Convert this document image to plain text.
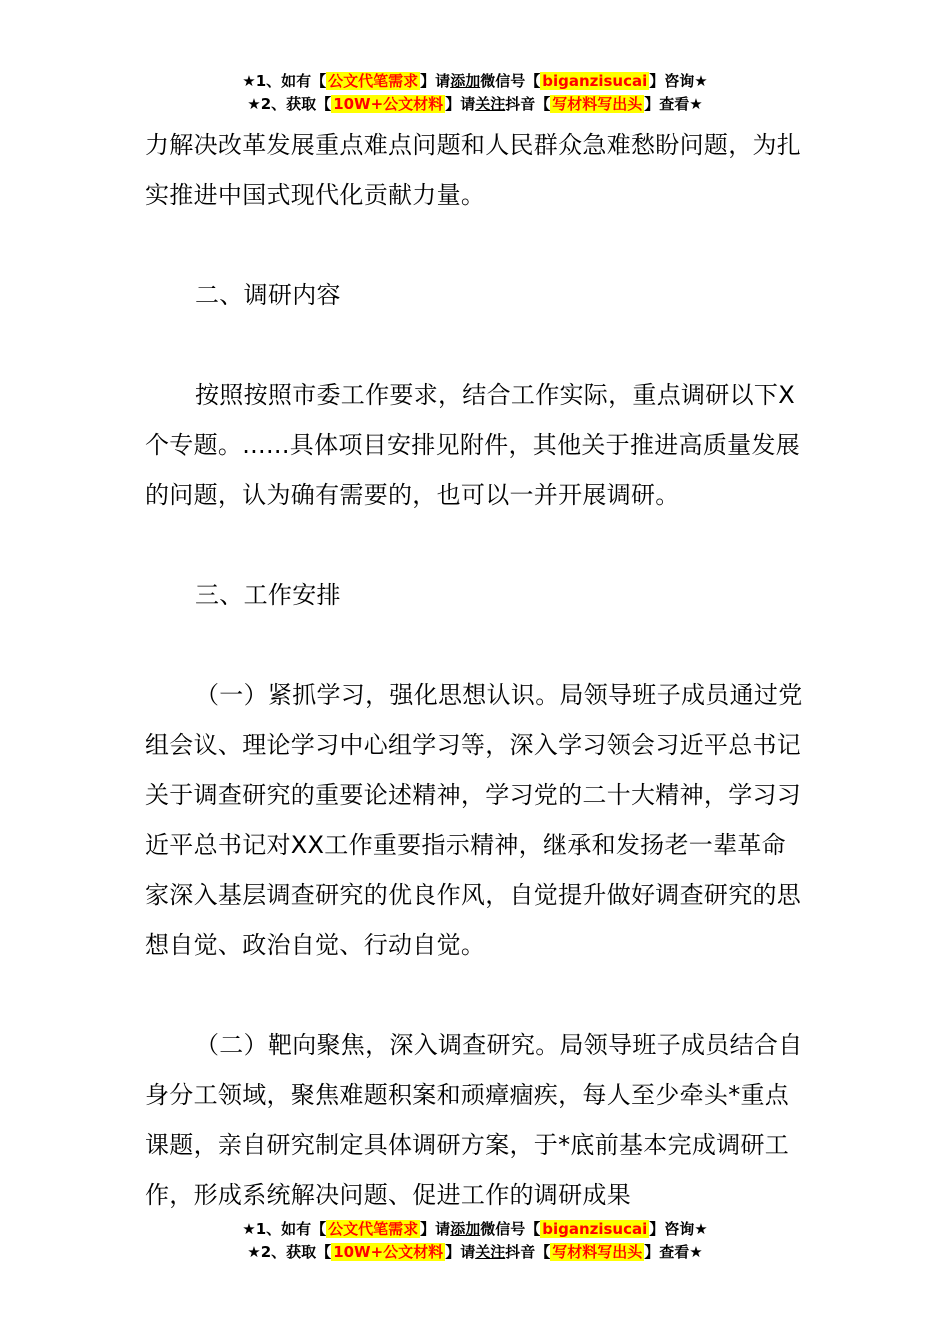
★1、如有【 公文代笔需求 】请添加微信号【 biganzisucai 】咨询★
★2、获取【 10W+公文材料 】请关注抖音【 写材料写出头 】查看★

力解决改革发展重点难点问题和人民群众急难愁盼问题，为扎实推进中国式现代化贡献力量。

二、调研内容

按照按照市委工作要求，结合工作实际，重点调研以下X个专题。......具体项目安排见附件，其他关于推进高质量发展的问题，认为确有需要的，也可以一并开展调研。

三、工作安排

（一）紧抓学习，强化思想认识。局领导班子成员通过党组会议、理论学习中心组学习等，深入学习领会习近平总书记关于调查研究的重要论述精神，学习党的二十大精神，学习习近平总书记对XX工作重要指示精神，继承和发扬老一辈革命家深入基层调查研究的优良作风，自觉提升做好调查研究的思想自觉、政治自觉、行动自觉。

（二）靶向聚焦，深入调查研究。局领导班子成员结合自身分工领域，聚焦难题积案和顽瘴痼疾，每人至少牵头*重点课题，亲自研究制定具体调研方案，于*底前基本完成调研工作，形成系统解决问题、促进工作的调研成果

★1、如有【 公文代笔需求 】请添加微信号【 biganzisucai 】咨询★
★2、获取【 10W+公文材料 】请关注抖音【 写材料写出头 】查看★
